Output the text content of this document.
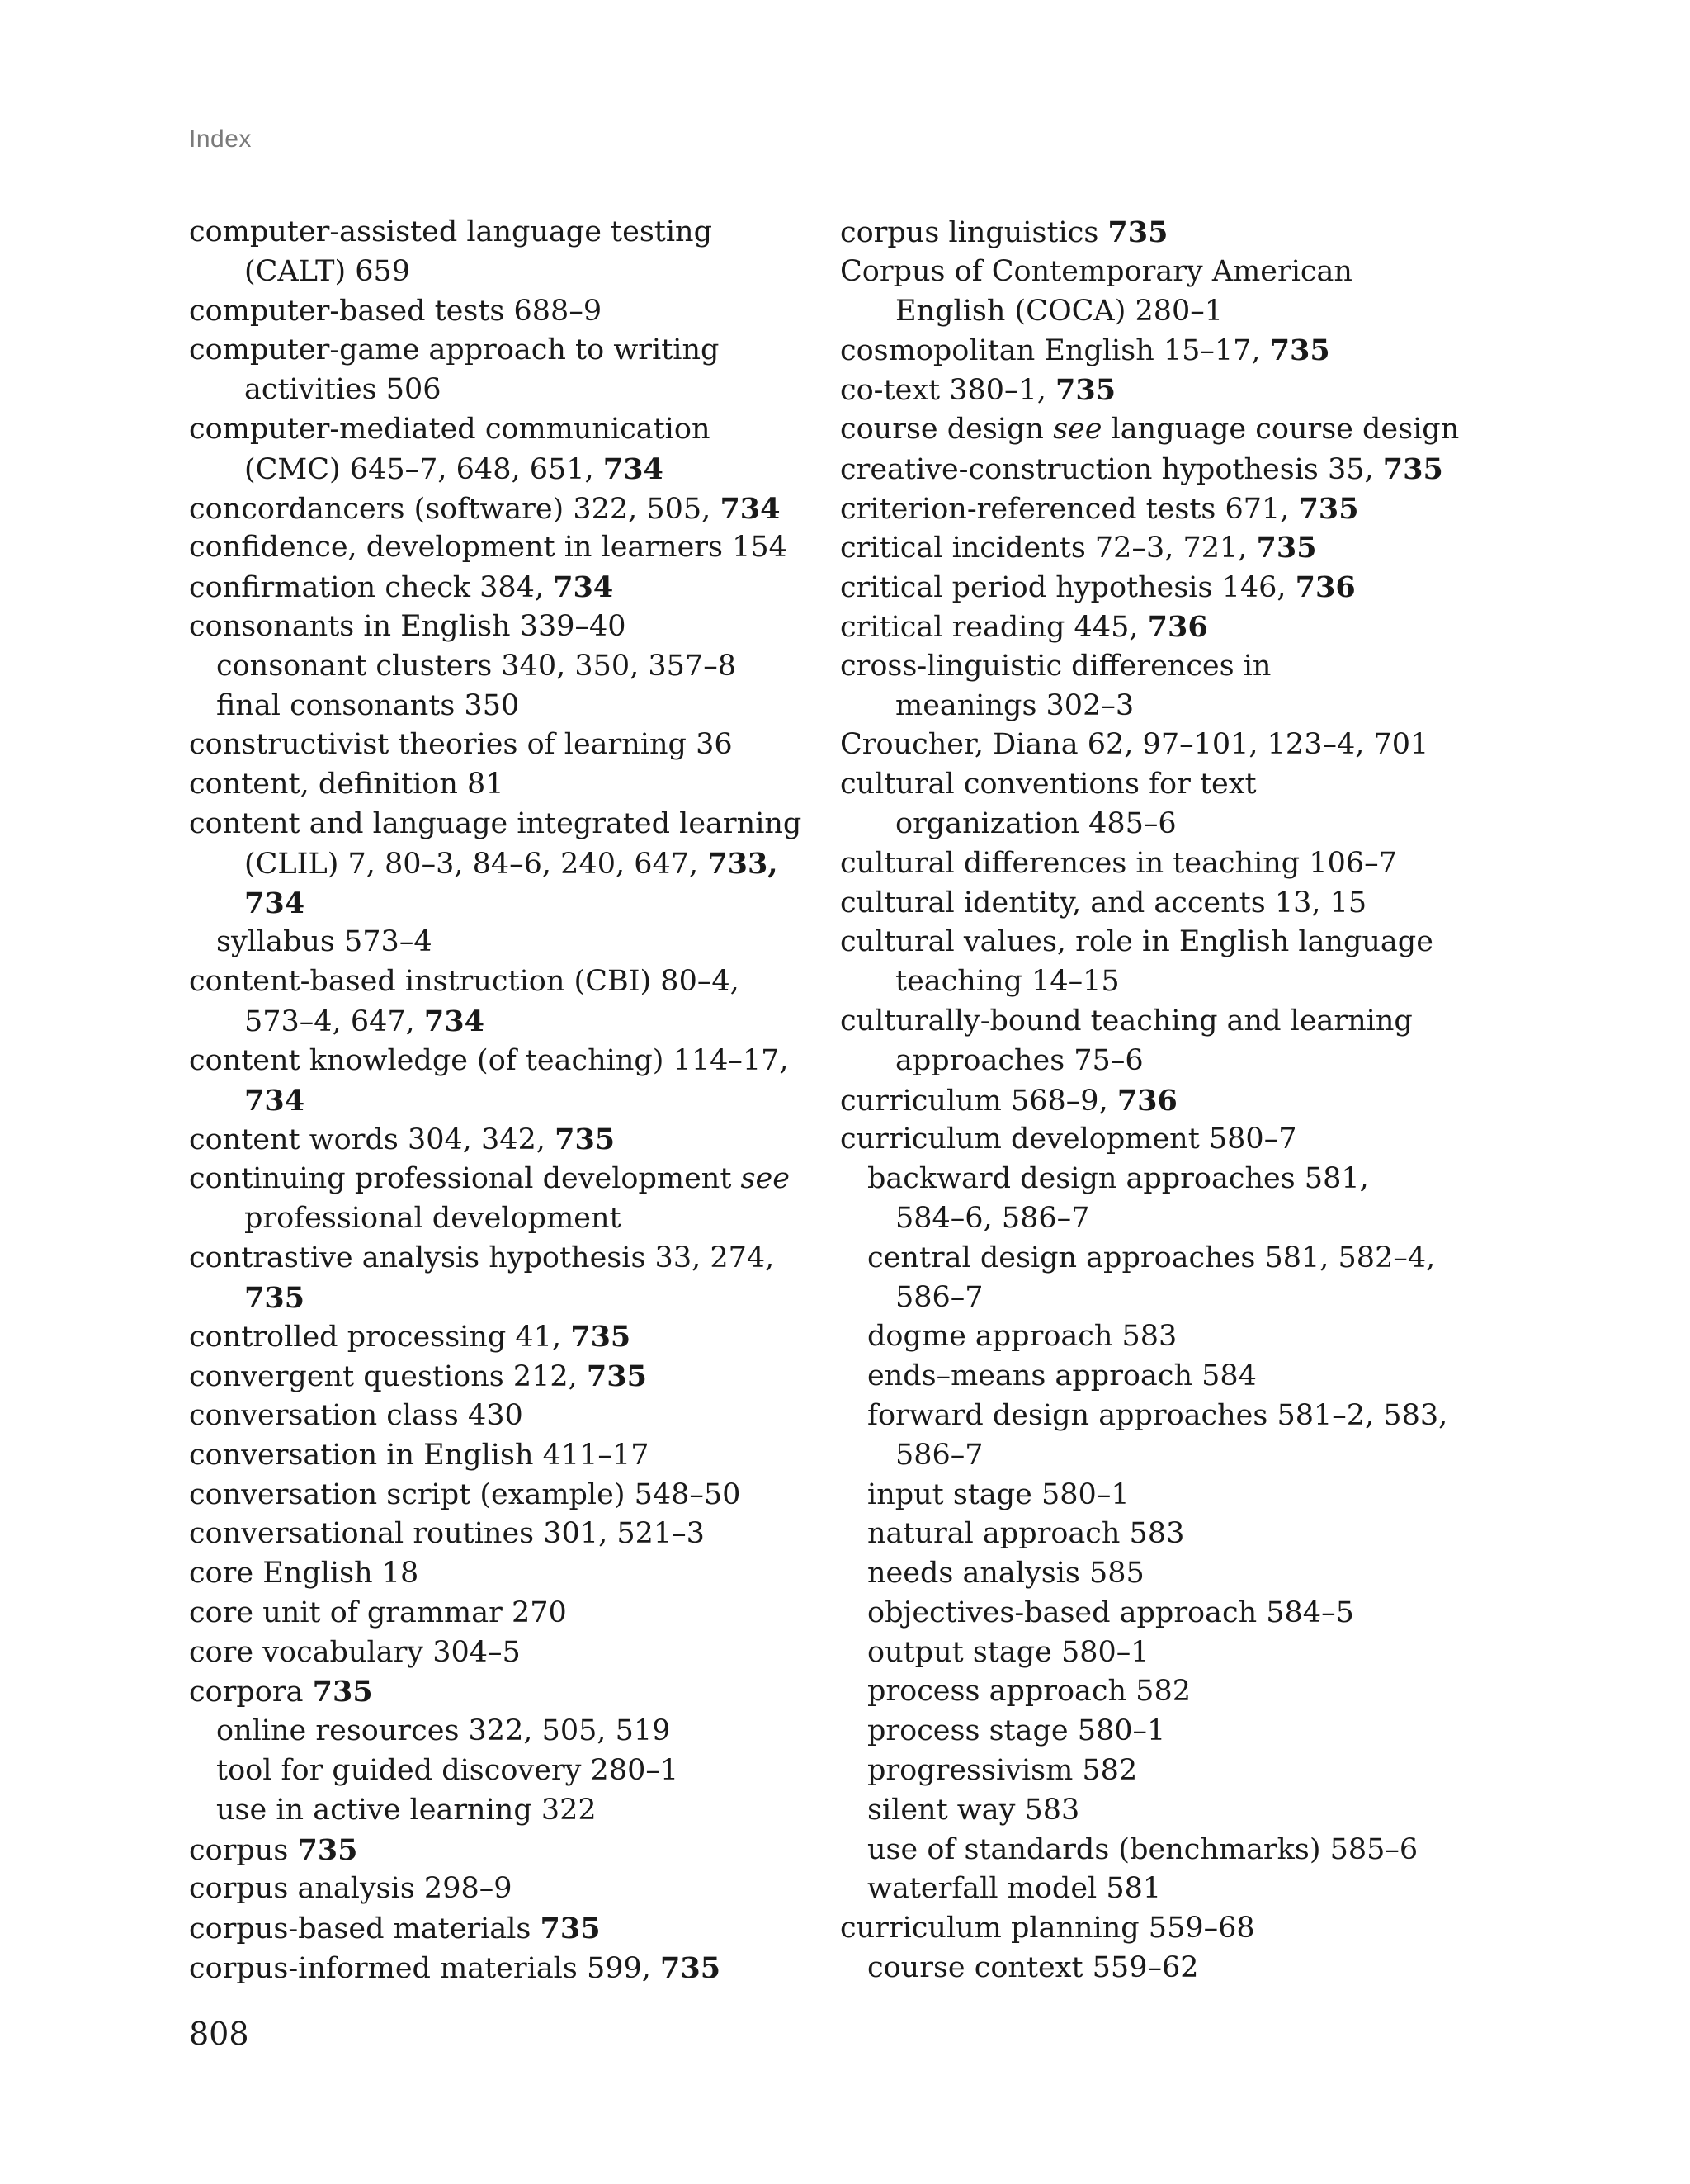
Index
computer-assisted language testing
(CALT) 659
computer-based tests 688–9
computer-game approach to writing
activities 506
computer-mediated communication
(CMC) 645–7, 648, 651, 734
concordancers (software) 322, 505, 734
confidence, development in learners 154
confirmation check 384, 734
consonants in English 339–40
consonant clusters 340, 350, 357–8
final consonants 350
constructivist theories of learning 36
content, definition 81
content and language integrated learning
(CLIL) 7, 80–3, 84–6, 240, 647, 733,
734
syllabus 573–4
content-based instruction (CBI) 80–4,
573–4, 647, 734
content knowledge (of teaching) 114–17,
734
content words 304, 342, 735
continuing professional development see
professional development
contrastive analysis hypothesis 33, 274,
735
controlled processing 41, 735
convergent questions 212, 735
conversation class 430
conversation in English 411–17
conversation script (example) 548–50
conversational routines 301, 521–3
core English 18
core unit of grammar 270
core vocabulary 304–5
corpora 735
online resources 322, 505, 519
tool for guided discovery 280–1
use in active learning 322
corpus 735
corpus analysis 298–9
corpus-based materials 735
corpus-informed materials 599, 735
corpus linguistics 735
Corpus of Contemporary American
English (COCA) 280–1
cosmopolitan English 15–17, 735
co-text 380–1, 735
course design see language course design
creative-construction hypothesis 35, 735
criterion-referenced tests 671, 735
critical incidents 72–3, 721, 735
critical period hypothesis 146, 736
critical reading 445, 736
cross-linguistic differences in
meanings 302–3
Croucher, Diana 62, 97–101, 123–4, 701
cultural conventions for text
organization 485–6
cultural differences in teaching 106–7
cultural identity, and accents 13, 15
cultural values, role in English language
teaching 14–15
culturally-bound teaching and learning
approaches 75–6
curriculum 568–9, 736
curriculum development 580–7
backward design approaches 581,
584–6, 586–7
central design approaches 581, 582–4,
586–7
dogme approach 583
ends–means approach 584
forward design approaches 581–2, 583,
586–7
input stage 580–1
natural approach 583
needs analysis 585
objectives-based approach 584–5
output stage 580–1
process approach 582
process stage 580–1
progressivism 582
silent way 583
use of standards (benchmarks) 585–6
waterfall model 581
curriculum planning 559–68
course context 559–62
808
